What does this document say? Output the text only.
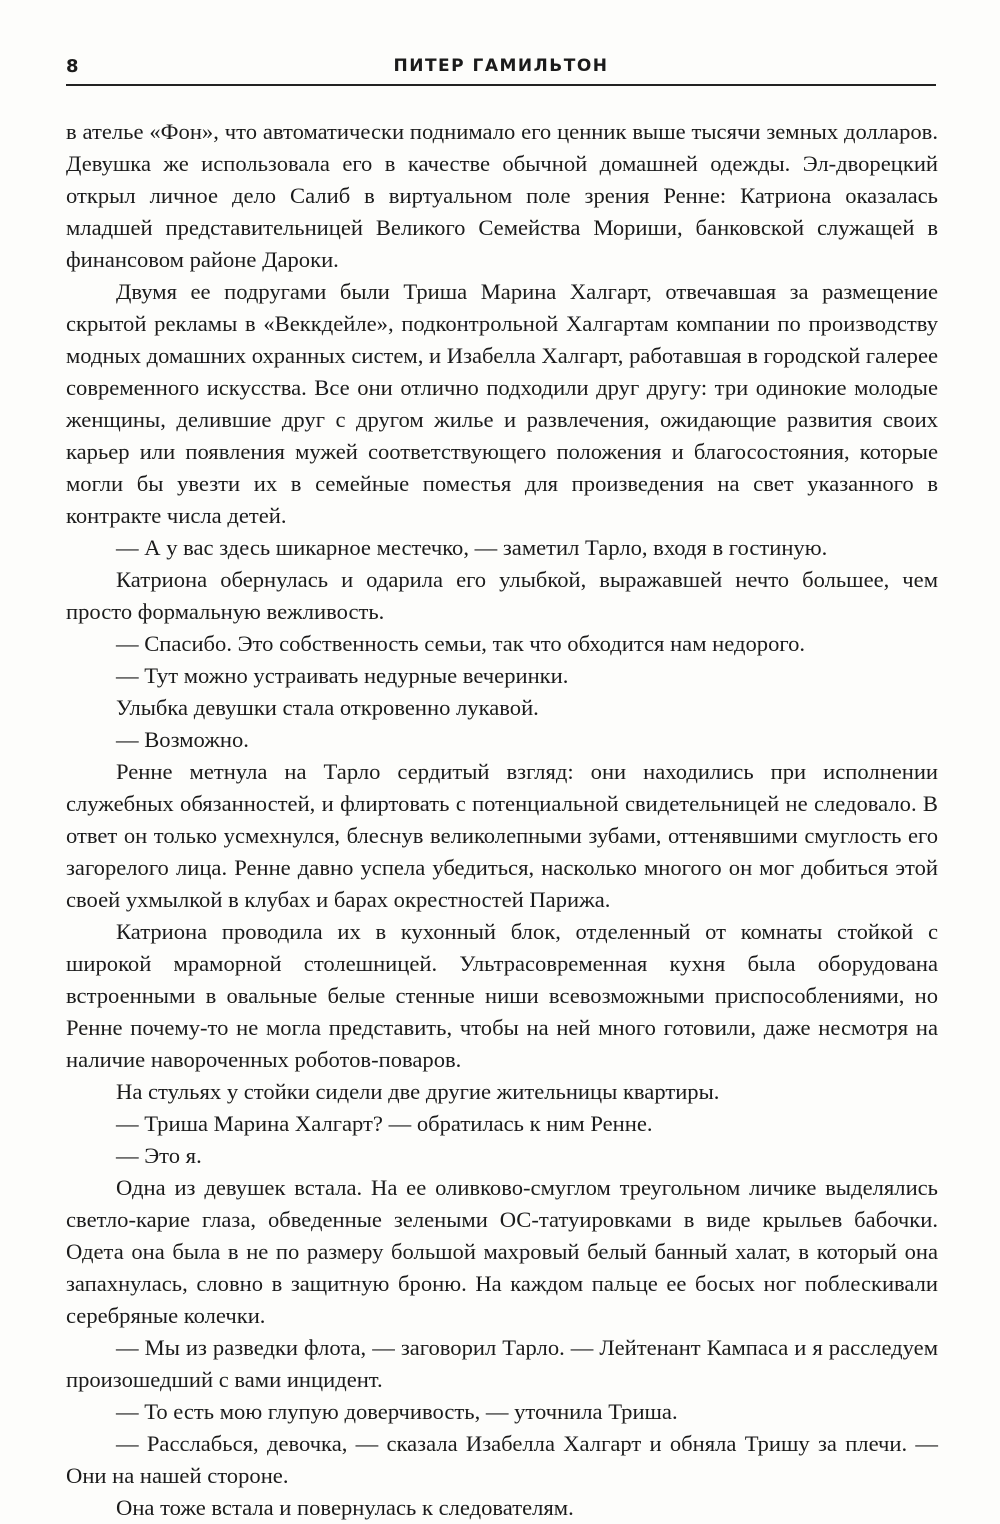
8	ПИТЕР ГАМИЛЬТОН

в ателье «Фон», что автоматически поднимало его ценник выше тысячи земных долларов. Девушка же использовала его в качестве обычной домашней одежды. Эл-дворецкий открыл личное дело Салиб в виртуальном поле зрения Ренне: Катриона оказалась младшей представительницей Великого Семейства Мориши, банковской служащей в финансовом районе Дароки.

Двумя ее подругами были Триша Марина Халгарт, отвечавшая за размещение скрытой рекламы в «Веккдейле», подконтрольной Халгартам компании по производству модных домашних охранных систем, и Изабелла Халгарт, работавшая в городской галерее современного искусства. Все они отлично подходили друг другу: три одинокие молодые женщины, делившие друг с другом жилье и развлечения, ожидающие развития своих карьер или появления мужей соответствующего положения и благосостояния, которые могли бы увезти их в семейные поместья для произведения на свет указанного в контракте числа детей.

— А у вас здесь шикарное местечко, — заметил Тарло, входя в гостиную.

Катриона обернулась и одарила его улыбкой, выражавшей нечто большее, чем просто формальную вежливость.

— Спасибо. Это собственность семьи, так что обходится нам недорого.

— Тут можно устраивать недурные вечеринки.

Улыбка девушки стала откровенно лукавой.

— Возможно.

Ренне метнула на Тарло сердитый взгляд: они находились при исполнении служебных обязанностей, и флиртовать с потенциальной свидетельницей не следовало. В ответ он только усмехнулся, блеснув великолепными зубами, оттенявшими смуглость его загорелого лица. Ренне давно успела убедиться, насколько многого он мог добиться этой своей ухмылкой в клубах и барах окрестностей Парижа.

Катриона проводила их в кухонный блок, отделенный от комнаты стойкой с широкой мраморной столешницей. Ультрасовременная кухня была оборудована встроенными в овальные белые стенные ниши всевозможными приспособлениями, но Ренне почему-то не могла представить, чтобы на ней много готовили, даже несмотря на наличие навороченных роботов-поваров.

На стульях у стойки сидели две другие жительницы квартиры.

— Триша Марина Халгарт? — обратилась к ним Ренне.

— Это я.

Одна из девушек встала. На ее оливково-смуглом треугольном личике выделялись светло-карие глаза, обведенные зелеными ОС-татуировками в виде крыльев бабочки. Одета она была в не по размеру большой махровый белый банный халат, в который она запахнулась, словно в защитную броню. На каждом пальце ее босых ног поблескивали серебряные колечки.

— Мы из разведки флота, — заговорил Тарло. — Лейтенант Кампаса и я расследуем произошедший с вами инцидент.

— То есть мою глупую доверчивость, — уточнила Триша.

— Расслабься, девочка, — сказала Изабелла Халгарт и обняла Тришу за плечи. — Они на нашей стороне.

Она тоже встала и повернулась к следователям.
